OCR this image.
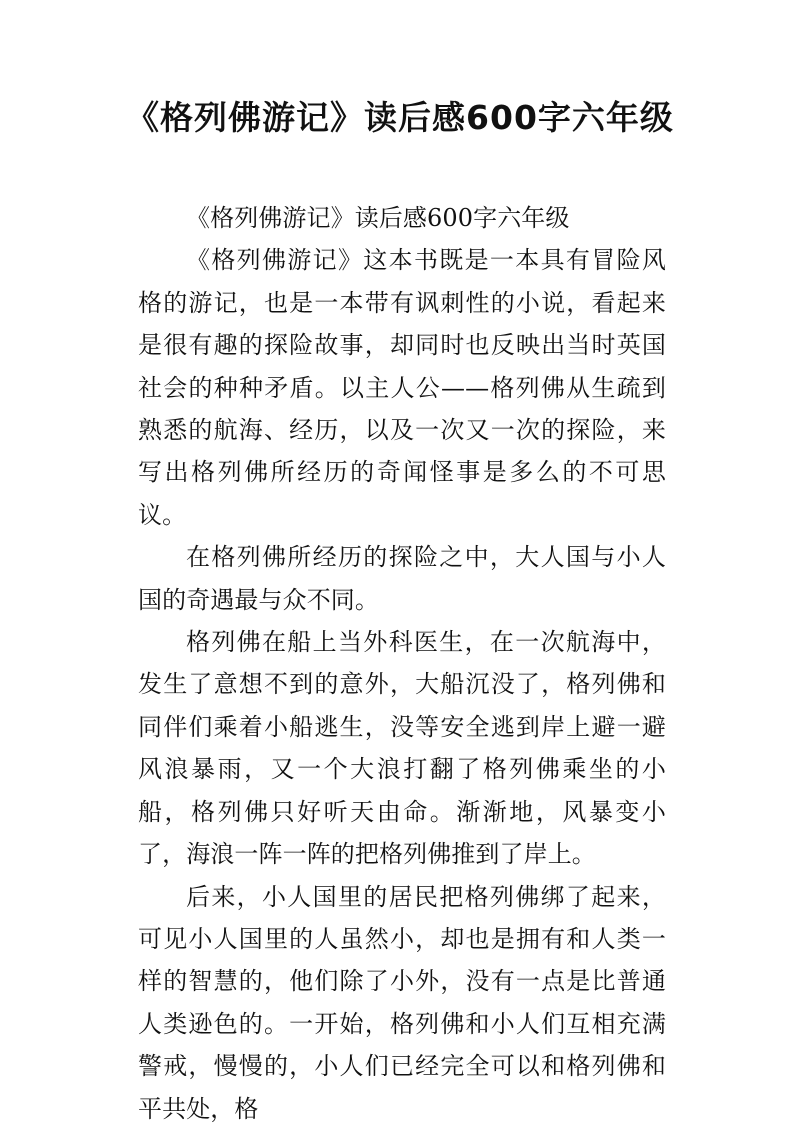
《格列佛游记》读后感600字六年级

《格列佛游记》读后感600字六年级

《格列佛游记》这本书既是一本具有冒险风格的游记，也是一本带有讽刺性的小说，看起来是很有趣的探险故事，却同时也反映出当时英国社会的种种矛盾。以主人公——格列佛从生疏到熟悉的航海、经历，以及一次又一次的探险，来写出格列佛所经历的奇闻怪事是多么的不可思议。

在格列佛所经历的探险之中，大人国与小人国的奇遇最与众不同。

格列佛在船上当外科医生，在一次航海中，发生了意想不到的意外，大船沉没了，格列佛和同伴们乘着小船逃生，没等安全逃到岸上避一避风浪暴雨，又一个大浪打翻了格列佛乘坐的小船，格列佛只好听天由命。渐渐地，风暴变小了，海浪一阵一阵的把格列佛推到了岸上。

后来，小人国里的居民把格列佛绑了起来，可见小人国里的人虽然小，却也是拥有和人类一样的智慧的，他们除了小外，没有一点是比普通人类逊色的。一开始，格列佛和小人们互相充满警戒，慢慢的，小人们已经完全可以和格列佛和平共处，格
